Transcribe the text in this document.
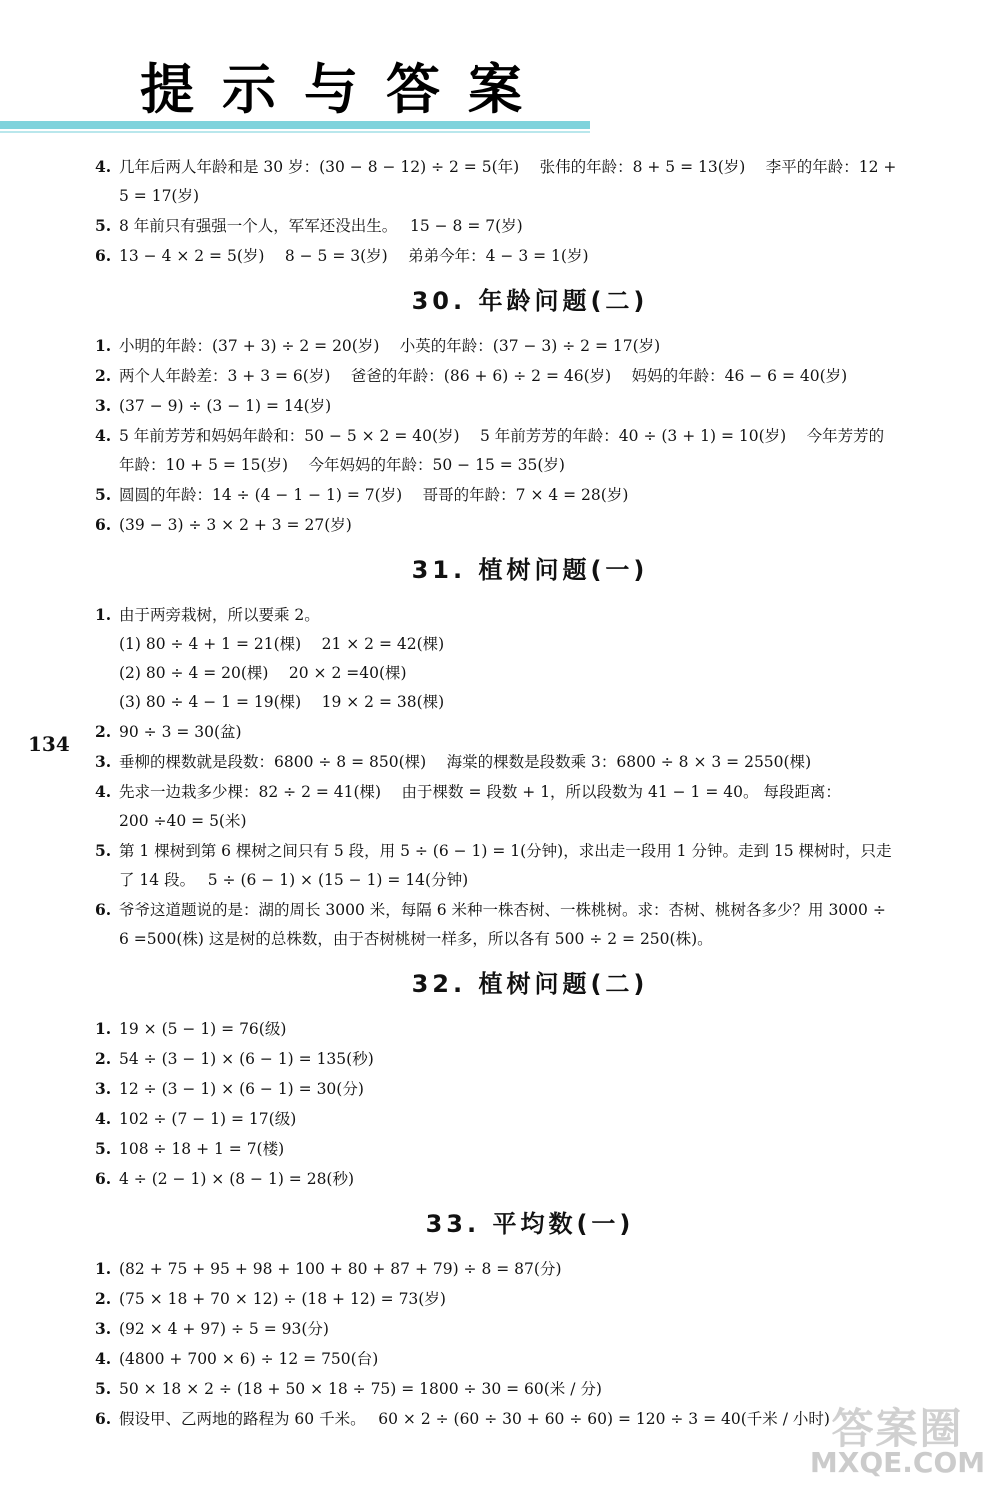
提示与答案
134
4. 几年后两人年龄和是 30 岁：(30 − 8 − 12) ÷ 2 = 5(年)　 张伟的年龄：8 + 5 = 13(岁)　 李平的年龄：12 +
5 = 17(岁)
5. 8 年前只有强强一个人，军军还没出生。　 15 − 8 = 7(岁)
6. 13 − 4 × 2 = 5(岁)　 8 − 5 = 3(岁)　 弟弟今年：4 − 3 = 1(岁)
30. 年龄问题(二)
1. 小明的年龄：(37 + 3) ÷ 2 = 20(岁)　 小英的年龄：(37 − 3) ÷ 2 = 17(岁)
2. 两个人年龄差：3 + 3 = 6(岁)　 爸爸的年龄：(86 + 6) ÷ 2 = 46(岁)　 妈妈的年龄：46 − 6 = 40(岁)
3. (37 − 9) ÷ (3 − 1) = 14(岁)
4. 5 年前芳芳和妈妈年龄和：50 − 5 × 2 = 40(岁)　 5 年前芳芳的年龄：40 ÷ (3 + 1) = 10(岁)　 今年芳芳的
年龄：10 + 5 = 15(岁)　 今年妈妈的年龄：50 − 15 = 35(岁)
5. 圆圆的年龄：14 ÷ (4 − 1 − 1) = 7(岁)　 哥哥的年龄：7 × 4 = 28(岁)
6. (39 − 3) ÷ 3 × 2 + 3 = 27(岁)
31. 植树问题(一)
1. 由于两旁栽树，所以要乘 2。
(1) 80 ÷ 4 + 1 = 21(棵)　 21 × 2 = 42(棵)
(2) 80 ÷ 4 = 20(棵)　 20 × 2 =40(棵)
(3) 80 ÷ 4 − 1 = 19(棵)　 19 × 2 = 38(棵)
2. 90 ÷ 3 = 30(盆)
3. 垂柳的棵数就是段数：6800 ÷ 8 = 850(棵)　 海棠的棵数是段数乘 3：6800 ÷ 8 × 3 = 2550(棵)
4. 先求一边栽多少棵：82 ÷ 2 = 41(棵)　 由于棵数 = 段数 + 1，所以段数为 41 − 1 = 40。 每段距离：
200 ÷40 = 5(米)
5. 第 1 棵树到第 6 棵树之间只有 5 段，用 5 ÷ (6 − 1) = 1(分钟)，求出走一段用 1 分钟。走到 15 棵树时，只走
了 14 段。　 5 ÷ (6 − 1) × (15 − 1) = 14(分钟)
6. 爷爷这道题说的是：湖的周长 3000 米，每隔 6 米种一株杏树、一株桃树。求：杏树、桃树各多少？用 3000 ÷
6 =500(株) 这是树的总株数，由于杏树桃树一样多，所以各有 500 ÷ 2 = 250(株)。
32. 植树问题(二)
1. 19 × (5 − 1) = 76(级)
2. 54 ÷ (3 − 1) × (6 − 1) = 135(秒)
3. 12 ÷ (3 − 1) × (6 − 1) = 30(分)
4. 102 ÷ (7 − 1) = 17(级)
5. 108 ÷ 18 + 1 = 7(楼)
6. 4 ÷ (2 − 1) × (8 − 1) = 28(秒)
33. 平均数(一)
1. (82 + 75 + 95 + 98 + 100 + 80 + 87 + 79) ÷ 8 = 87(分)
2. (75 × 18 + 70 × 12) ÷ (18 + 12) = 73(岁)
3. (92 × 4 + 97) ÷ 5 = 93(分)
4. (4800 + 700 × 6) ÷ 12 = 750(台)
5. 50 × 18 × 2 ÷ (18 + 50 × 18 ÷ 75) = 1800 ÷ 30 = 60(米 / 分)
6. 假设甲、乙两地的路程为 60 千米。　 60 × 2 ÷ (60 ÷ 30 + 60 ÷ 60) = 120 ÷ 3 = 40(千米 / 小时) 答案圈
MXQE.COM
